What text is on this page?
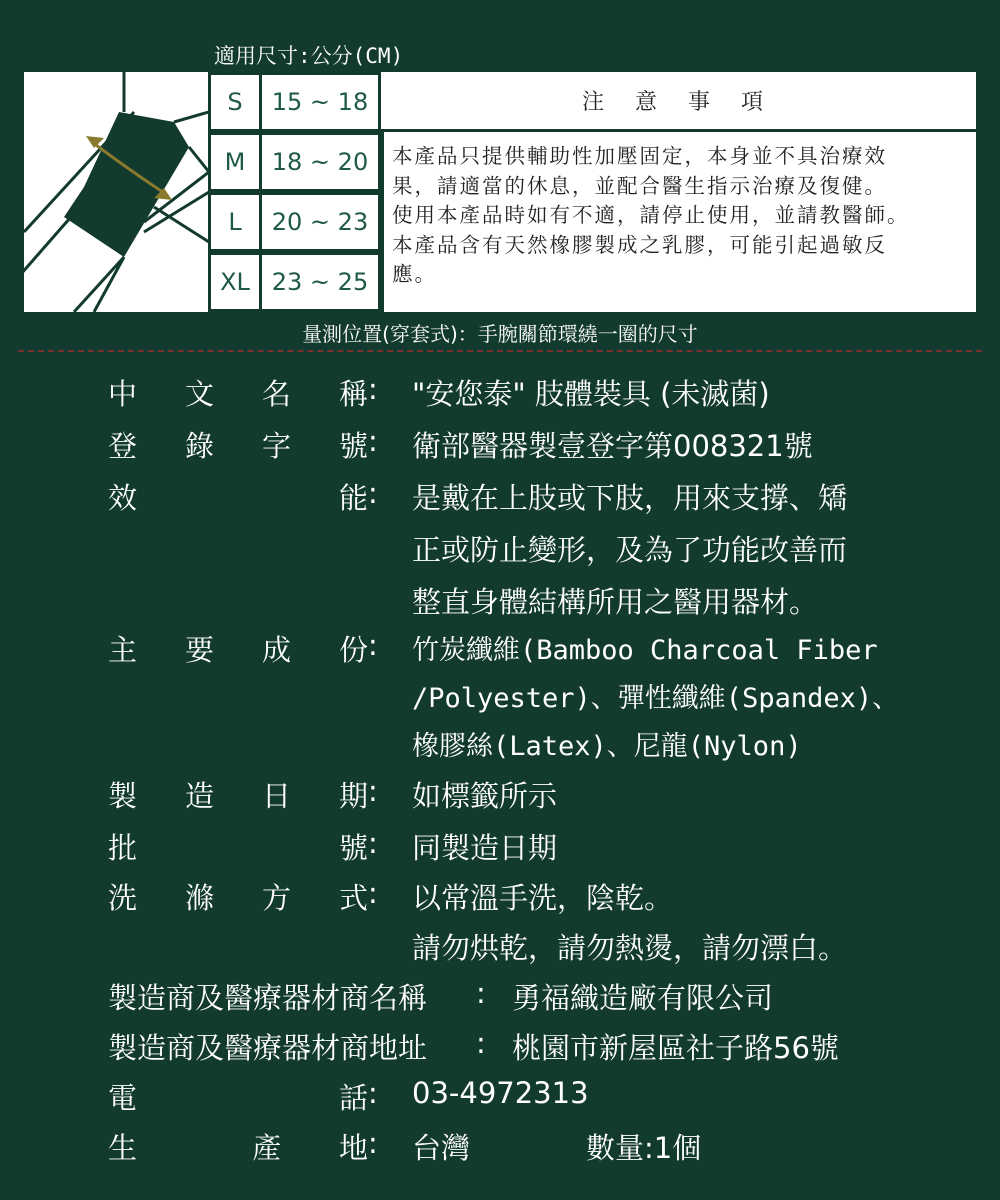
適用尺寸:公分(CM)
S	15 ~ 18
M	18 ~ 20
L	20 ~ 23
XL 23 ~ 25
注 意 事 項
本產品只提供輔助性加壓固定，本身並不具治療效
果，請適當的休息，並配合醫生指示治療及復健。
使用本產品時如有不適，請停止使用，並請教醫師。
本產品含有天然橡膠製成之乳膠，可能引起過敏反
應。
量測位置(穿套式)：手腕關節環繞一圈的尺寸
中 文 名 稱 : "安您泰" 肢體裝具 (未滅菌)
登 錄 字 號 : 衛部醫器製壹登字第008321號
效	能 : 是戴在上肢或下肢，用來支撐、矯
正或防止變形，及為了功能改善而
整直身體結構所用之醫用器材。
主 要 成 份 : 竹炭纖維(Bamboo Charcoal Fiber
/Polyester)、彈性纖維(Spandex)、
橡膠絲(Latex)、尼龍(Nylon)
製 造 日 期 : 如標籤所示
批	號 : 同製造日期
洗 滌 方 式 : 以常溫手洗，陰乾。
請勿烘乾，請勿熱燙，請勿漂白。
製造商及醫療器材商名稱 : 勇福織造廠有限公司
製造商及醫療器材商地址 : 桃園市新屋區社子路56號
電	話 : 03-4972313
生	產 地 : 台灣	數量:1個
